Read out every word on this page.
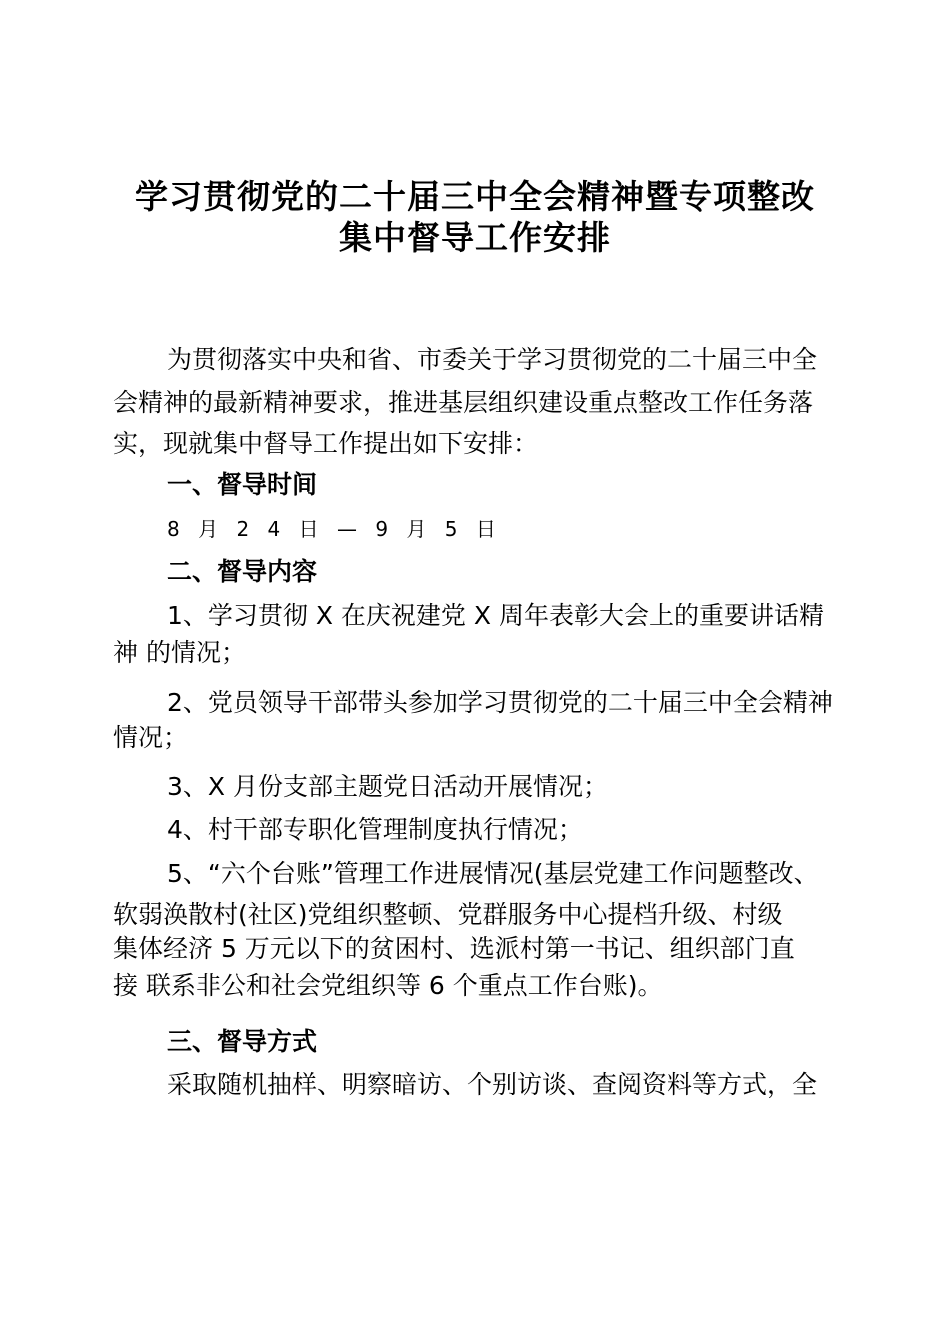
学习贯彻党的二十届三中全会精神暨专项整改
集中督导工作安排
为贯彻落实中央和省、市委关于学习贯彻党的二十届三中全
会精神的最新精神要求，推进基层组织建设重点整改工作任务落
实，现就集中督导工作提出如下安排：
一、督导时间
8 月 2 4 日 — 9 月 5 日
二、督导内容
1、学习贯彻 X 在庆祝建党 X 周年表彰大会上的重要讲话精
神 的情况；
2、党员领导干部带头参加学习贯彻党的二十届三中全会精神
情况；
3、X 月份支部主题党日活动开展情况；
4、村干部专职化管理制度执行情况；
5、“六个台账”管理工作进展情况(基层党建工作问题整改、
软弱涣散村(社区)党组织整顿、党群服务中心提档升级、村级
集体经济 5 万元以下的贫困村、选派村第一书记、组织部门直
接 联系非公和社会党组织等 6 个重点工作台账)。
三、督导方式
采取随机抽样、明察暗访、个别访谈、查阅资料等方式，全
